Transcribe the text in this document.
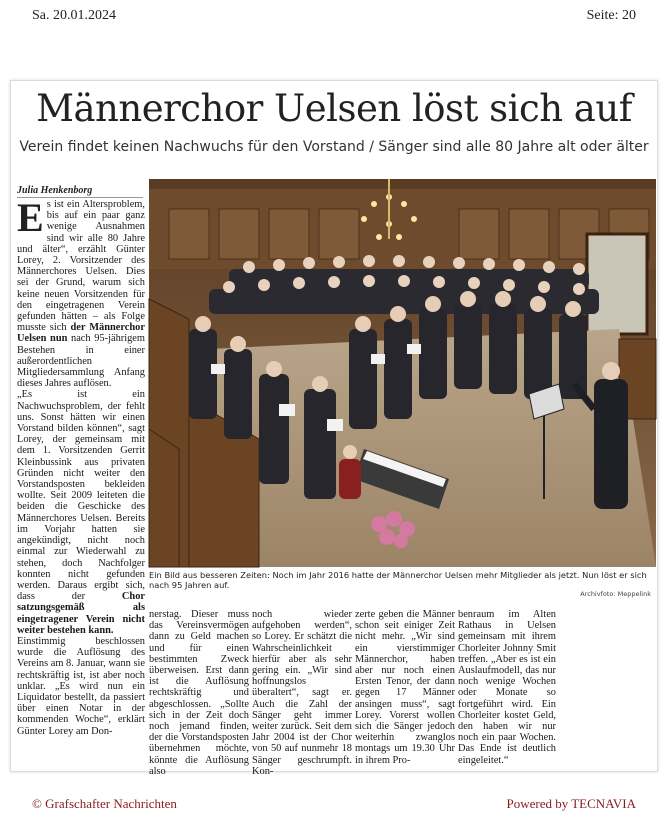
Sa. 20.01.2024	Seite: 20
Männerchor Uelsen löst sich auf
Verein findet keinen Nachwuchs für den Vorstand / Sänger sind alle 80 Jahre alt oder älter
Julia Henkenborg

Es ist ein Altersproblem, bis auf ein paar ganz wenige Ausnahmen sind wir alle 80 Jahre und älter“, erzählt Günter Lorey, 2. Vorsitzender des Männerchores Uelsen. Dies sei der Grund, warum sich keine neuen Vorsitzenden für den eingetragenen Verein gefunden hätten – als Folge musste sich der Männerchor Uelsen nun nach 95-jährigem Bestehen in einer außerordentlichen Mitgliedersammlung Anfang dieses Jahres auflösen.

„Es ist ein Nachwuchsproblem, der fehlt uns. Sonst hätten wir einen Vorstand bilden können“, sagt Lorey, der gemeinsam mit dem 1. Vorsitzenden Gerrit Kleinbussink aus privaten Gründen nicht weiter den Vorstandsposten bekleiden wollte. Seit 2009 leiteten die beiden die Geschicke des Männerchores Uelsen. Bereits im Vorjahr hatten sie angekündigt, nicht noch einmal zur Wiederwahl zu stehen, doch Nachfolger konnten nicht gefunden werden. Daraus ergibt sich, dass der Chor satzungsgemäß als eingetragener Verein nicht weiter bestehen kann.

Einstimmig beschlossen wurde die Auflösung des Vereins am 8. Januar, wann sie rechtskräftig ist, ist aber noch unklar. „Es wird nun ein Liquidator bestellt, da passiert über einen Notar in der kommenden Woche“, erklärt Günter Lorey am Don-

Ein Bild aus besseren Zeiten: Noch im Jahr 2016 hatte der Männerchor Uelsen mehr Mitglieder als jetzt. Nun löst er sich nach 95 Jahren auf.
Archivfoto: Meppelink
nerstag. Dieser muss das Vereinsvermögen dann zu Geld machen und für einen bestimmten Zweck überweisen. Erst dann ist die Auflösung rechtskräftig und abgeschlossen. „Sollte sich in der Zeit doch noch jemand finden, der die Vorstandsposten übernehmen möchte, könnte die Auflösung also
noch wieder aufgehoben werden“, so Lorey. Er schätzt die Wahrscheinlichkeit hierfür aber als sehr gering ein. „Wir sind hoffnungslos überaltert“, sagt er. Auch die Zahl der Sänger geht immer weiter zurück. Seit dem Jahr 2004 ist der Chor von 50 auf nunmehr 18 Sänger geschrumpft. Kon-
zerte geben die Männer schon seit einiger Zeit nicht mehr. „Wir sind ein vierstimmiger Männerchor, haben aber nur noch einen Ersten Tenor, der dann gegen 17 Männer ansingen muss“, sagt Lorey. Vorerst wollen sich die Sänger jedoch weiterhin zwanglos montags um 19.30 Uhr in ihrem Pro-
benraum im Alten Rathaus in Uelsen gemeinsam mit ihrem Chorleiter Johnny Smit treffen. „Aber es ist ein Auslaufmodell, das nur noch wenige Wochen oder Monate so fortgeführt wird. Ein Chorleiter kostet Geld, den haben wir nur noch ein paar Wochen. Das Ende ist deutlich eingeleitet.“
© Grafschafter Nachrichten	Powered by TECNAVIA
